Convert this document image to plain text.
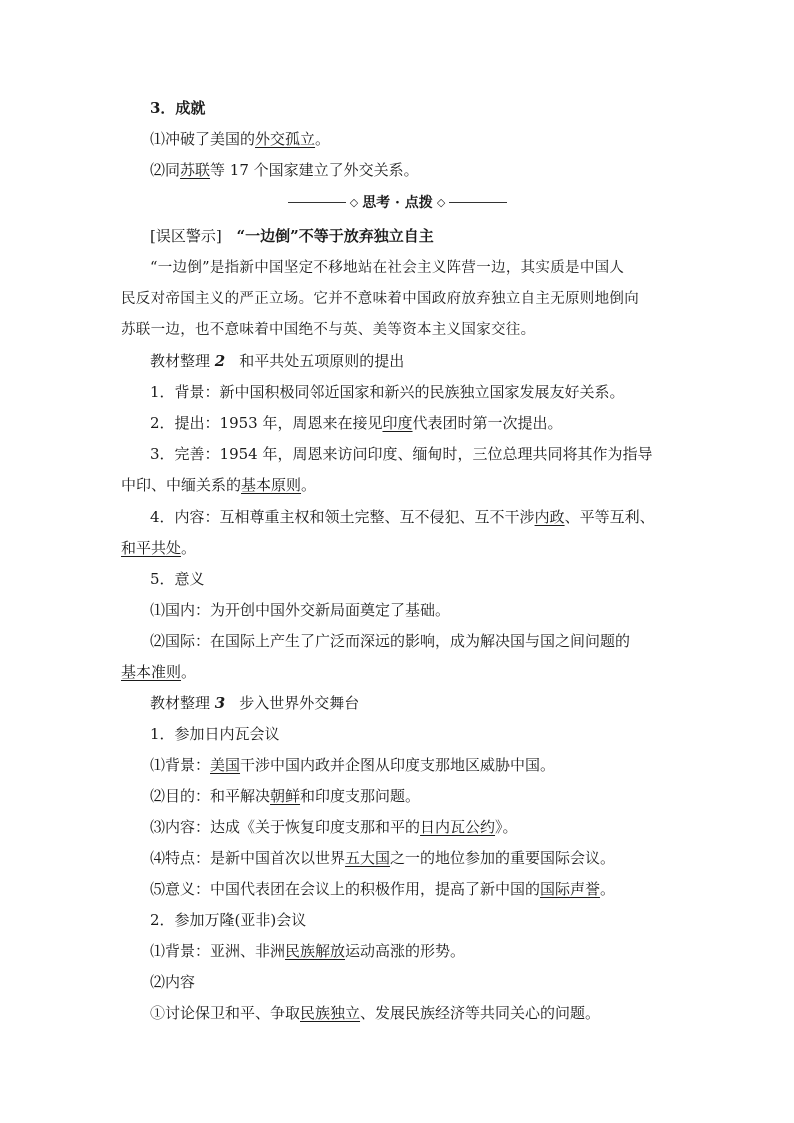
3．成就
⑴冲破了美国的外交孤立。
⑵同苏联等 17 个国家建立了外交关系。
◇ 思考 · 点拨 ◇
[误区警示] “一边倒”不等于放弃独立自主
“一边倒”是指新中国坚定不移地站在社会主义阵营一边，其实质是中国人
民反对帝国主义的严正立场。它并不意味着中国政府放弃独立自主无原则地倒向
苏联一边，也不意味着中国绝不与英、美等资本主义国家交往。
教材整理 2 和平共处五项原则的提出
1．背景：新中国积极同邻近国家和新兴的民族独立国家发展友好关系。
2．提出：1953 年，周恩来在接见印度代表团时第一次提出。
3．完善：1954 年，周恩来访问印度、缅甸时，三位总理共同将其作为指导
中印、中缅关系的基本原则。
4．内容：互相尊重主权和领土完整、互不侵犯、互不干涉内政、平等互利、
和平共处。
5．意义
⑴国内：为开创中国外交新局面奠定了基础。
⑵国际：在国际上产生了广泛而深远的影响，成为解决国与国之间问题的
基本准则。
教材整理 3 步入世界外交舞台
1．参加日内瓦会议
⑴背景：美国干涉中国内政并企图从印度支那地区威胁中国。
⑵目的：和平解决朝鲜和印度支那问题。
⑶内容：达成《关于恢复印度支那和平的日内瓦公约》。
⑷特点：是新中国首次以世界五大国之一的地位参加的重要国际会议。
⑸意义：中国代表团在会议上的积极作用，提高了新中国的国际声誉。
2．参加万隆(亚非)会议
⑴背景：亚洲、非洲民族解放运动高涨的形势。
⑵内容
①讨论保卫和平、争取民族独立、发展民族经济等共同关心的问题。
